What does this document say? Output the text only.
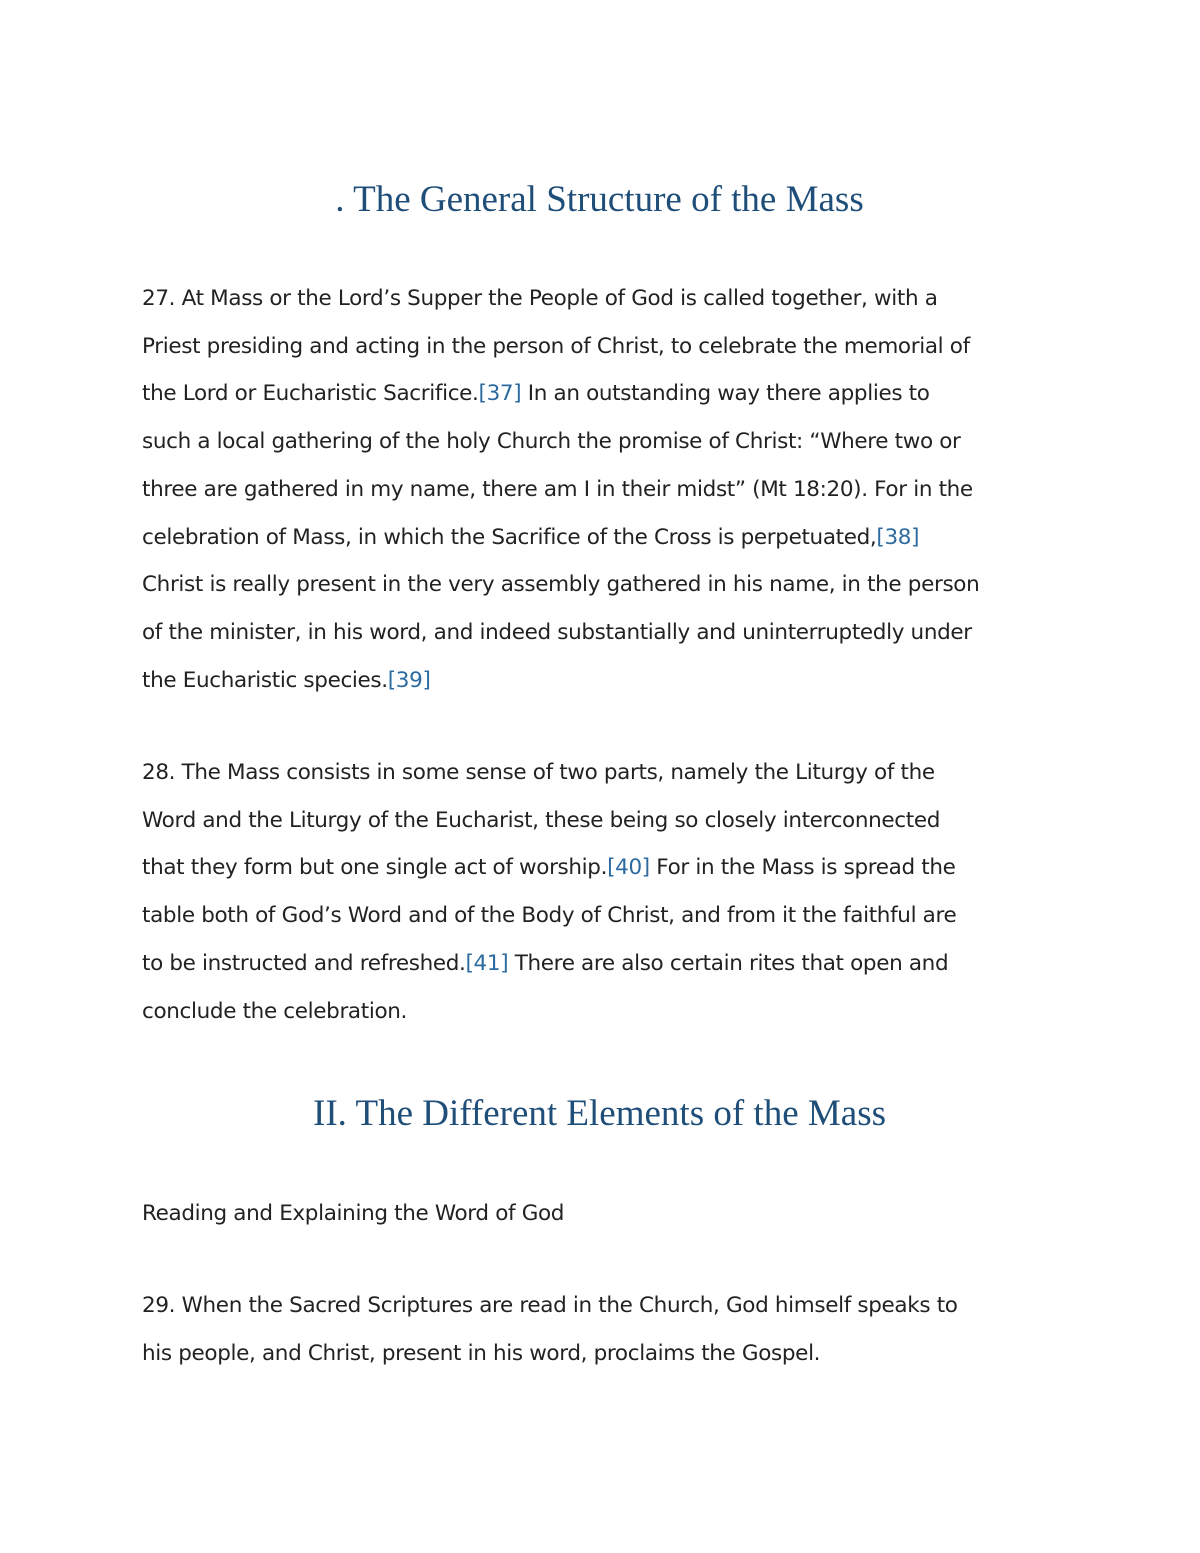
. The General Structure of the Mass

27. At Mass or the Lord’s Supper the People of God is called together, with a
Priest presiding and acting in the person of Christ, to celebrate the memorial of
the Lord or Eucharistic Sacrifice.[37] In an outstanding way there applies to
such a local gathering of the holy Church the promise of Christ: “Where two or
three are gathered in my name, there am I in their midst” (Mt 18:20). For in the
celebration of Mass, in which the Sacrifice of the Cross is perpetuated,[38]
Christ is really present in the very assembly gathered in his name, in the person
of the minister, in his word, and indeed substantially and uninterruptedly under
the Eucharistic species.[39]

28. The Mass consists in some sense of two parts, namely the Liturgy of the
Word and the Liturgy of the Eucharist, these being so closely interconnected
that they form but one single act of worship.[40] For in the Mass is spread the
table both of God’s Word and of the Body of Christ, and from it the faithful are
to be instructed and refreshed.[41] There are also certain rites that open and
conclude the celebration.

II. The Different Elements of the Mass

Reading and Explaining the Word of God

29. When the Sacred Scriptures are read in the Church, God himself speaks to
his people, and Christ, present in his word, proclaims the Gospel.
